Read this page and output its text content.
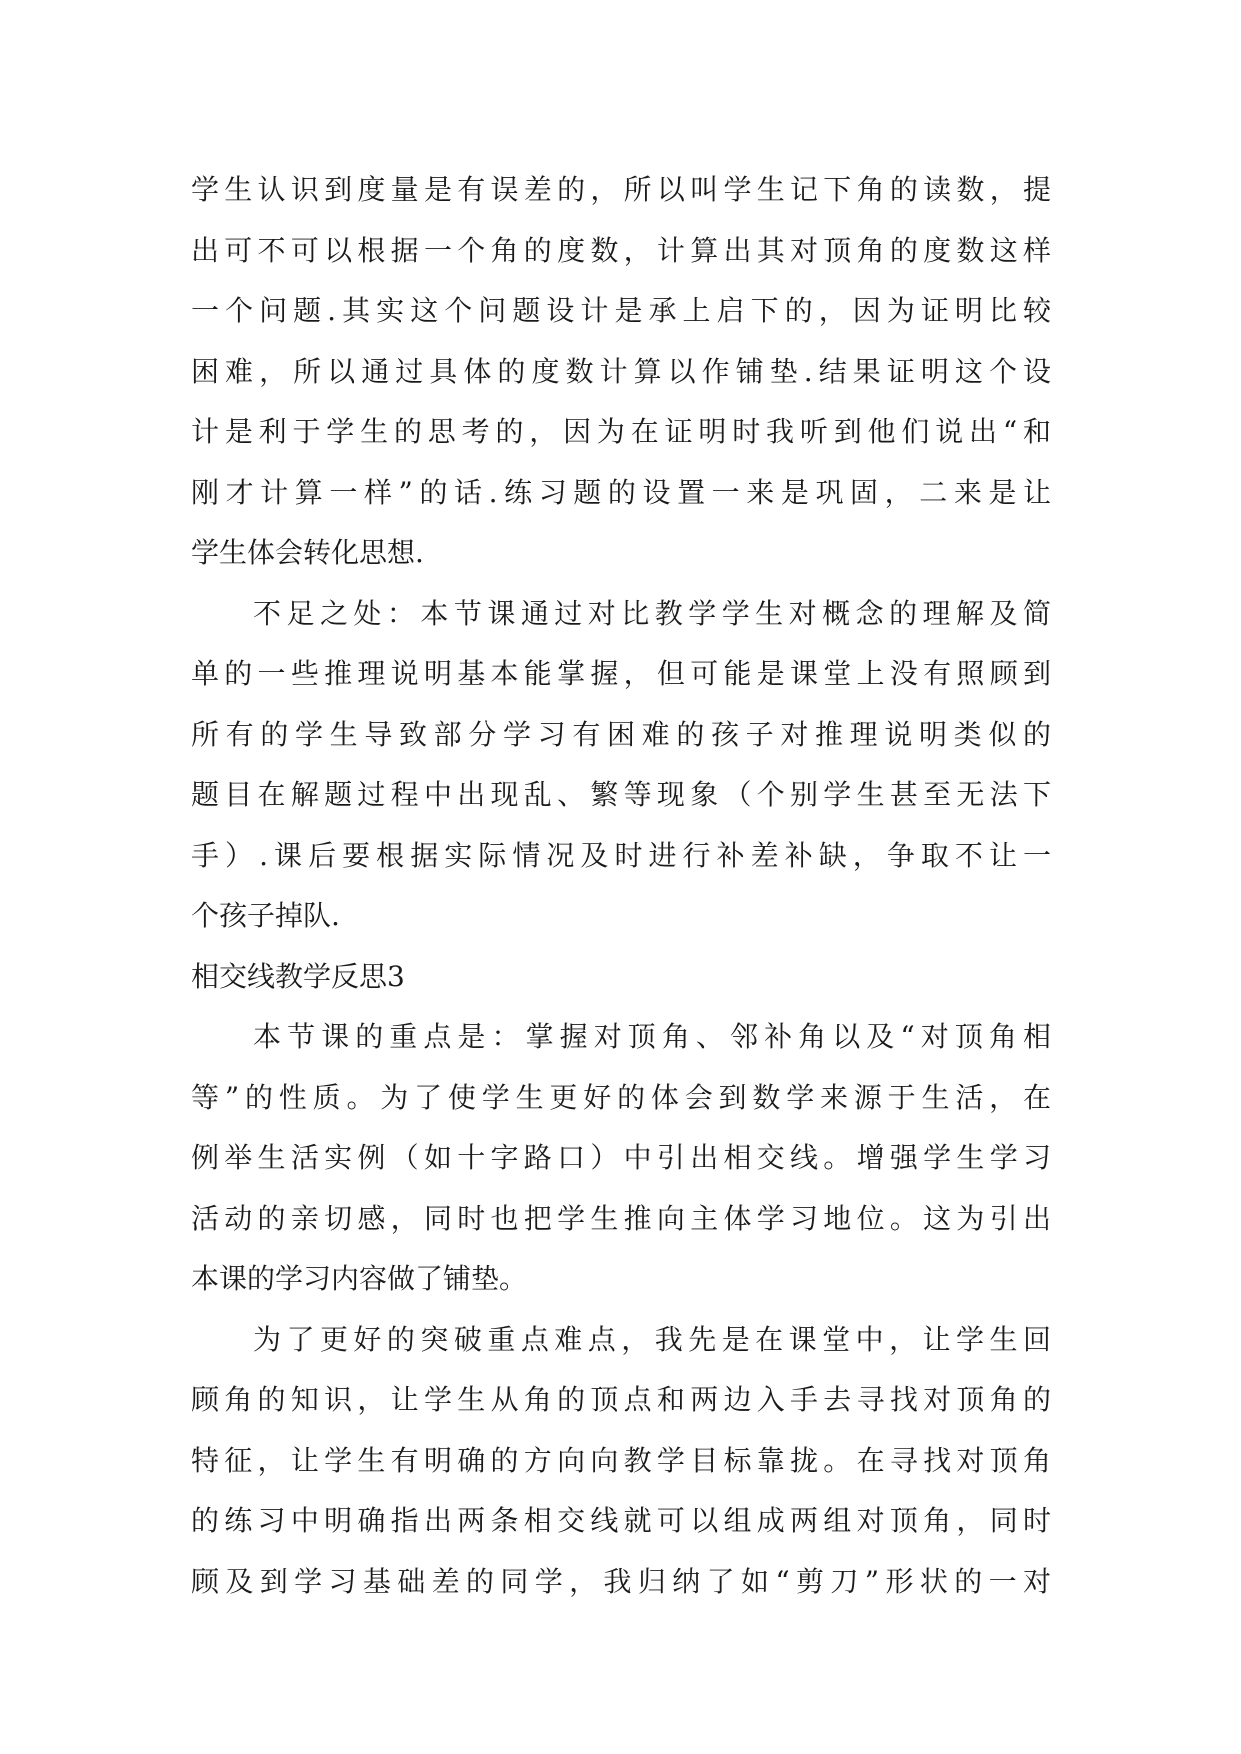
学生认识到度量是有误差的，所以叫学生记下角的读数，提
出可不可以根据一个角的度数，计算出其对顶角的度数这样
一个问题.其实这个问题设计是承上启下的，因为证明比较
困难，所以通过具体的度数计算以作铺垫.结果证明这个设
计是利于学生的思考的，因为在证明时我听到他们说出“和
刚才计算一样”的话.练习题的设置一来是巩固，二来是让
学生体会转化思想.
不足之处：本节课通过对比教学学生对概念的理解及简
单的一些推理说明基本能掌握，但可能是课堂上没有照顾到
所有的学生导致部分学习有困难的孩子对推理说明类似的
题目在解题过程中出现乱、繁等现象（个别学生甚至无法下
手）.课后要根据实际情况及时进行补差补缺，争取不让一
个孩子掉队.
相交线教学反思3
本节课的重点是：掌握对顶角、邻补角以及“对顶角相
等”的性质。为了使学生更好的体会到数学来源于生活，在
例举生活实例（如十字路口）中引出相交线。增强学生学习
活动的亲切感，同时也把学生推向主体学习地位。这为引出
本课的学习内容做了铺垫。
为了更好的突破重点难点，我先是在课堂中，让学生回
顾角的知识，让学生从角的顶点和两边入手去寻找对顶角的
特征，让学生有明确的方向向教学目标靠拢。在寻找对顶角
的练习中明确指出两条相交线就可以组成两组对顶角，同时
顾及到学习基础差的同学，我归纳了如“剪刀”形状的一对
